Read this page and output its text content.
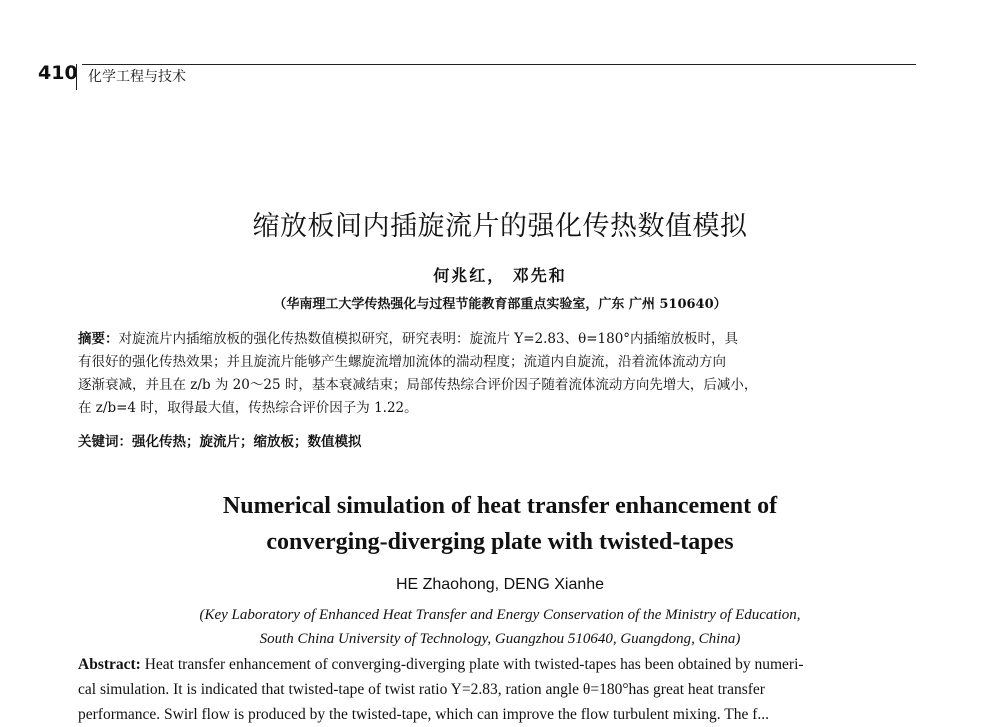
410 化学工程与技术
缩放板间内插旋流片的强化传热数值模拟
何兆红， 邓先和
（华南理工大学传热强化与过程节能教育部重点实验室，广东 广州 510640）
摘要：对旋流片内插缩放板的强化传热数值模拟研究，研究表明：旋流片 Y=2.83、θ=180°内插缩放板时，具
有很好的强化传热效果；并且旋流片能够产生螺旋流增加流体的湍动程度；流道内自旋流，沿着流体流动方向
逐渐衰减，并且在 z/b 为 20～25 时，基本衰减结束；局部传热综合评价因子随着流体流动方向先增大，后减小，
在 z/b=4 时，取得最大值，传热综合评价因子为 1.22。
关键词：强化传热；旋流片；缩放板；数值模拟
Numerical simulation of heat transfer enhancement of
converging-diverging plate with twisted-tapes
HE Zhaohong, DENG Xianhe
(Key Laboratory of Enhanced Heat Transfer and Energy Conservation of the Ministry of Education,
South China University of Technology, Guangzhou 510640, Guangdong, China)
Abstract: Heat transfer enhancement of converging-diverging plate with twisted-tapes has been obtained by numeri-
cal simulation. It is indicated that twisted-tape of twist ratio Y=2.83, ration angle θ=180°has great heat transfer
performance. Swirl flow is produced by the twisted-tape, which can improve the flow turbulent mixing. The f...
